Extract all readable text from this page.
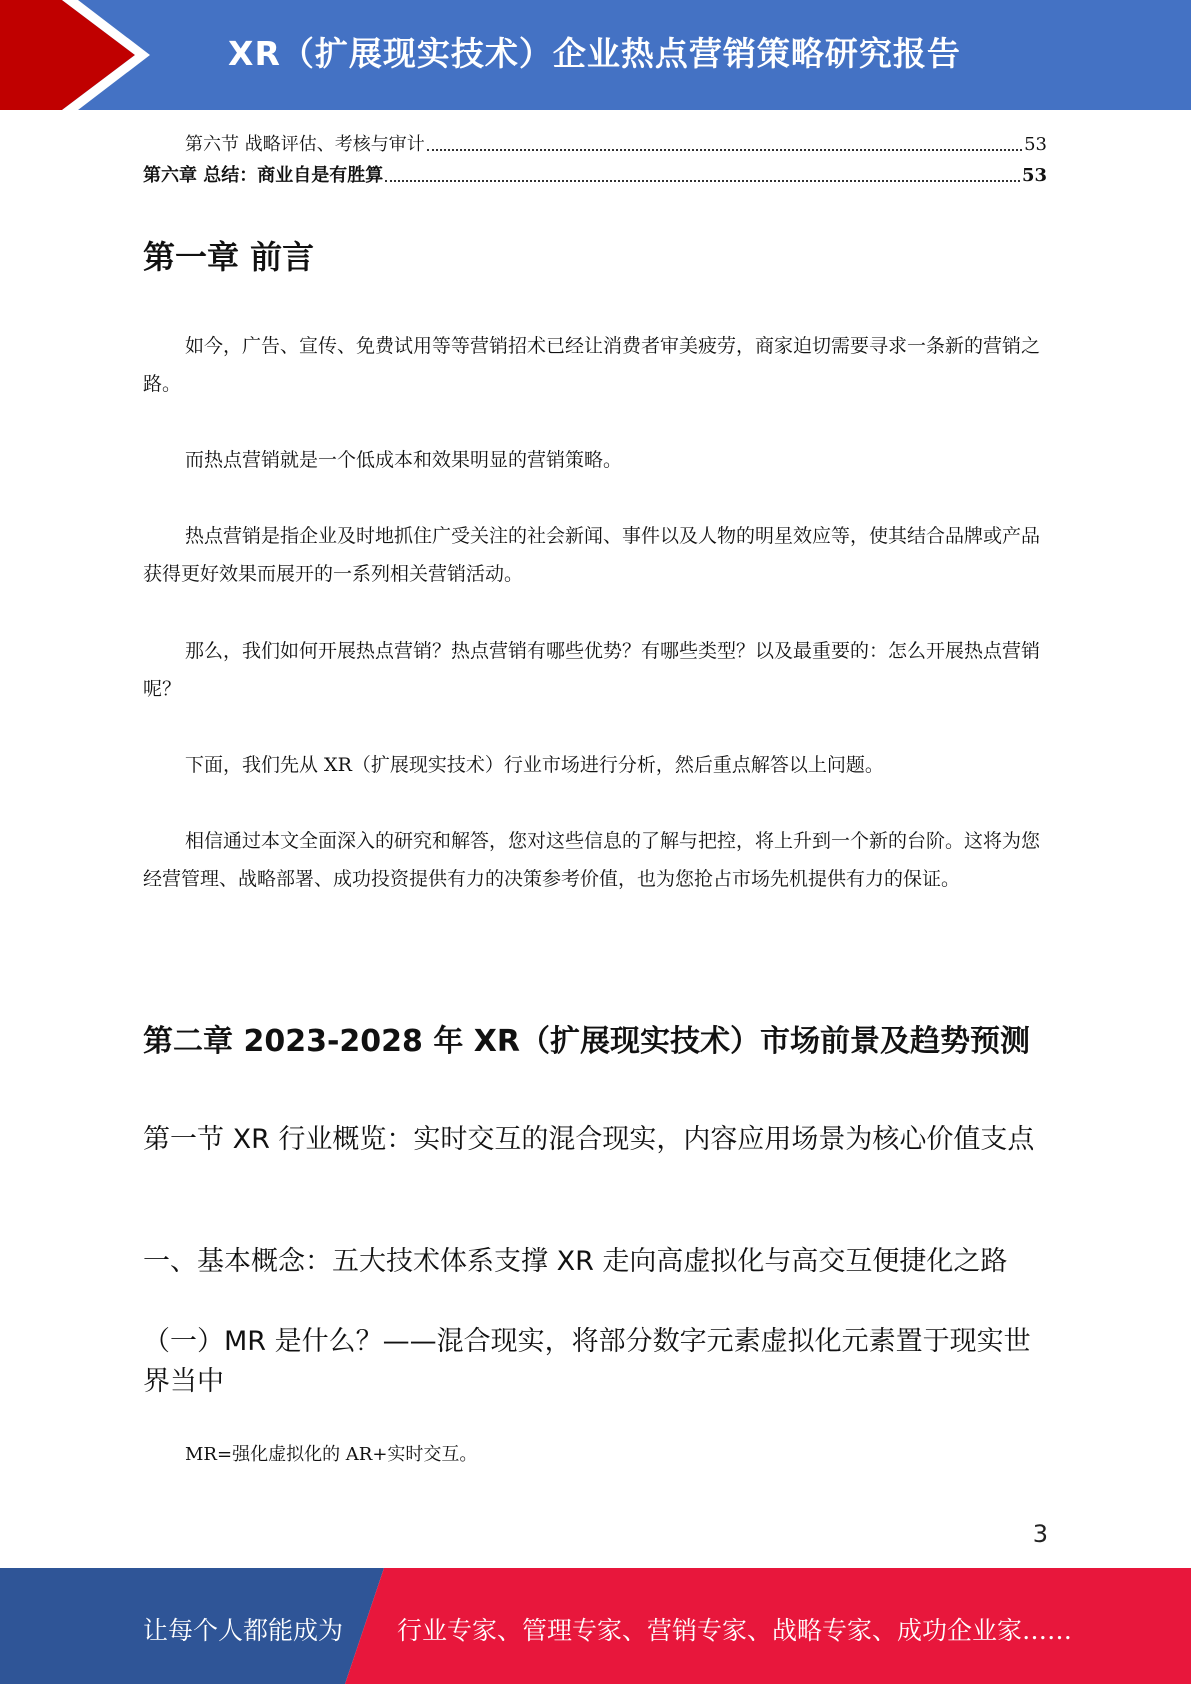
XR（扩展现实技术）企业热点营销策略研究报告
第六节 战略评估、考核与审计	53
第六章 总结：商业自是有胜算	53
第一章 前言
如今，广告、宣传、免费试用等等营销招术已经让消费者审美疲劳，商家迫切需要寻求一条新的营销之路。
而热点营销就是一个低成本和效果明显的营销策略。
热点营销是指企业及时地抓住广受关注的社会新闻、事件以及人物的明星效应等，使其结合品牌或产品获得更好效果而展开的一系列相关营销活动。
那么，我们如何开展热点营销？热点营销有哪些优势？有哪些类型？以及最重要的：怎么开展热点营销呢？
下面，我们先从 XR（扩展现实技术）行业市场进行分析，然后重点解答以上问题。
相信通过本文全面深入的研究和解答，您对这些信息的了解与把控，将上升到一个新的台阶。这将为您经营管理、战略部署、成功投资提供有力的决策参考价值，也为您抢占市场先机提供有力的保证。
第二章 2023-2028 年 XR（扩展现实技术）市场前景及趋势预测
第一节 XR 行业概览：实时交互的混合现实，内容应用场景为核心价值支点
一、基本概念：五大技术体系支撑 XR 走向高虚拟化与高交互便捷化之路
（一）MR 是什么？——混合现实，将部分数字元素虚拟化元素置于现实世界当中
MR=强化虚拟化的 AR+实时交互。
3
让每个人都能成为 行业专家、管理专家、营销专家、战略专家、成功企业家……
